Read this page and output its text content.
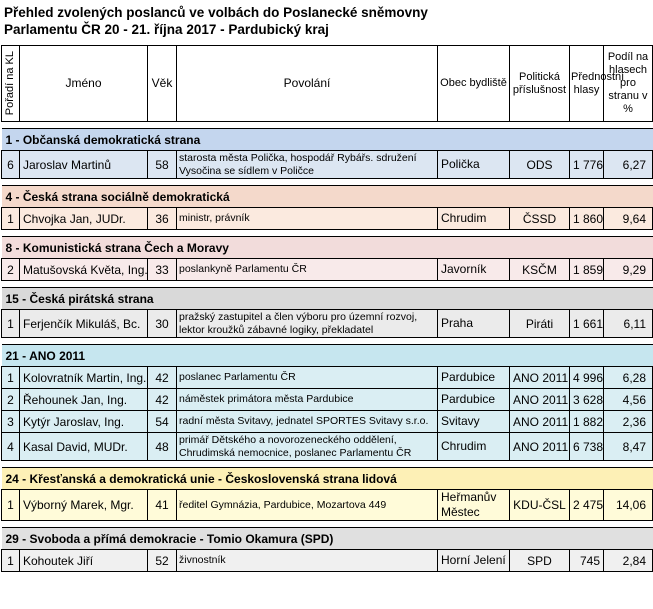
Přehled zvolených poslanců ve volbách do Poslanecké sněmovny
Parlamentu ČR 20 - 21. října 2017 - Pardubický kraj
Pořadí na KL	Jméno	Věk	Povolání	Obec bydliště	Politická příslušnost	Přednostní hlasy	Podíl na hlasech pro stranu v %

1 - Občanská demokratická strana							
6	Jaroslav Martinů	58	starosta města Polička, hospodář Rybářs. sdružení
Vysočina se sídlem v Poličce	Polička	ODS	1 776	6,27

4 - Česká strana sociálně demokratická							
1	Chvojka Jan, JUDr.	36	ministr, právník	Chrudim	ČSSD	1 860	9,64

8 - Komunistická strana Čech a Moravy							
2	Matušovská Květa, Ing.	33	poslankyně Parlamentu ČR	Javorník	KSČM	1 859	9,29

15 - Česká pirátská strana							
1	Ferjenčík Mikuláš, Bc.	30	pražský zastupitel a člen výboru pro územní rozvoj,
lektor kroužků zábavné logiky, překladatel	Praha	Piráti	1 661	6,11

21 - ANO 2011							
1	Kolovratník Martin, Ing.	42	poslanec Parlamentu ČR	Pardubice	ANO 2011	4 996	6,28
2	Řehounek Jan, Ing.	42	náměstek primátora města Pardubice	Pardubice	ANO 2011	3 628	4,56
3	Kytýr Jaroslav, Ing.	54	radní města Svitavy, jednatel SPORTES Svitavy s.r.o.	Svitavy	ANO 2011	1 882	2,36
4	Kasal David, MUDr.	48	primář Dětského a novorozeneckého oddělení,
Chrudimská nemocnice, poslanec Parlamentu ČR	Chrudim	ANO 2011	6 738	8,47

24 - Křesťanská a demokratická unie - Československá strana lidová							
1	Výborný Marek, Mgr.	41	ředitel Gymnázia, Pardubice, Mozartova 449	Heřmanův
Městec	KDU-ČSL	2 475	14,06

29 - Svoboda a přímá demokracie - Tomio Okamura (SPD)							
1	Kohoutek Jiří	52	živnostník	Horní Jelení	SPD	745	2,84
